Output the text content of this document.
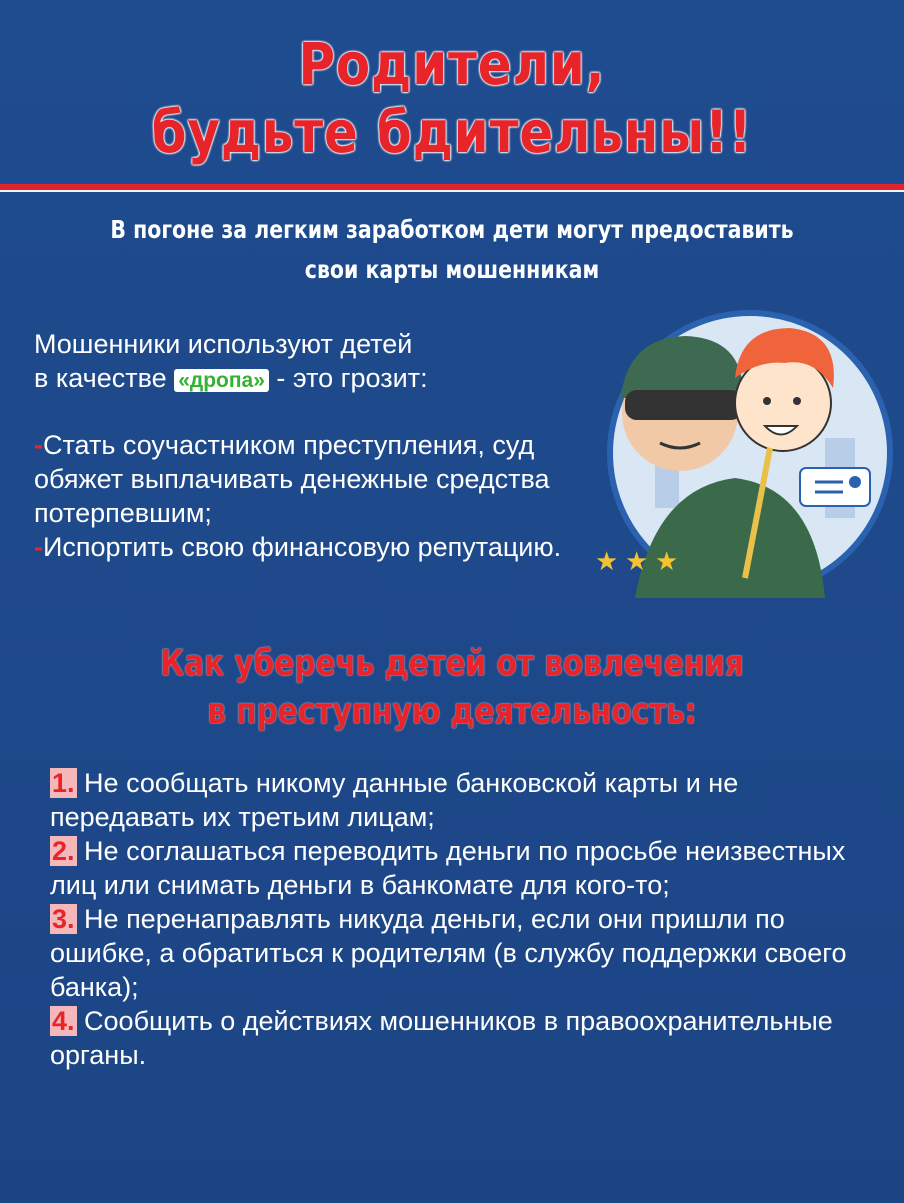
Родители,
будьте бдительны!!
В погоне за легким заработком дети могут предоставить
свои карты мошенникам
Мошенники используют детей
в качестве «дропа» - это грозит:

-Стать соучастником преступления, суд обяжет выплачивать денежные средства потерпевшим;

-Испортить свою финансовую репутацию.	★ ★ ★
Как уберечь детей от вовлечения
в преступную деятельность:

1. Не сообщать никому данные банковской карты и не передавать их третьим лицам;

2. Не соглашаться переводить деньги по просьбе неизвестных лиц или снимать деньги в банкомате для кого-то;

3. Не перенаправлять никуда деньги, если они пришли по ошибке, а обратиться к родителям (в службу поддержки своего банка);

4. Сообщить о действиях мошенников в правоохранительные органы.
